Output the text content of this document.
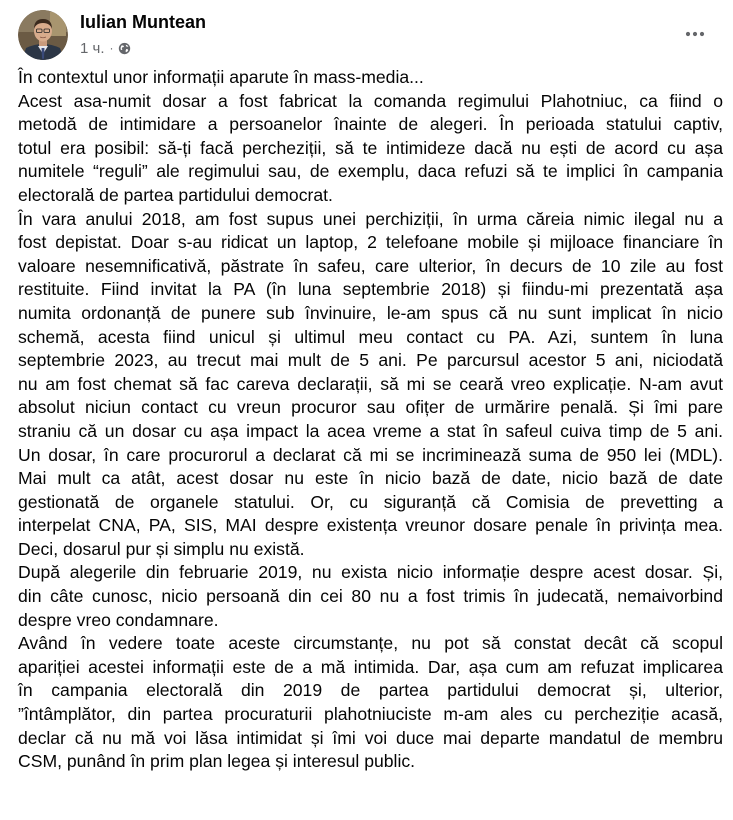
Iulian Muntean
1 ч. ·
În contextul unor informații aparute în mass-media...
Acest asa-numit dosar a fost fabricat la comanda regimului Plahotniuc, ca fiind o
metodă de intimidare a persoanelor înainte de alegeri. În perioada statului captiv,
totul era posibil: să-ți facă percheziții, să te intimideze dacă nu ești de acord cu așa
numitele “reguli” ale regimului sau, de exemplu, daca refuzi să te implici în campania
electorală de partea partidului democrat.
În vara anului 2018, am fost supus unei perchiziții, în urma căreia nimic ilegal nu a
fost depistat. Doar s-au ridicat un laptop, 2 telefoane mobile și mijloace financiare în
valoare nesemnificativă, păstrate în safeu, care ulterior, în decurs de 10 zile au fost
restituite. Fiind invitat la PA (în luna septembrie 2018) și fiindu-mi prezentată așa
numita ordonanță de punere sub învinuire, le-am spus că nu sunt implicat în nicio
schemă, acesta fiind unicul și ultimul meu contact cu PA. Azi, suntem în luna
septembrie 2023, au trecut mai mult de 5 ani. Pe parcursul acestor 5 ani, niciodată
nu am fost chemat să fac careva declarații, să mi se ceară vreo explicație. N-am avut
absolut niciun contact cu vreun procuror sau ofițer de urmărire penală. Și îmi pare
straniu că un dosar cu așa impact la acea vreme a stat în safeul cuiva timp de 5 ani.
Un dosar, în care procurorul a declarat că mi se incriminează suma de 950 lei (MDL).
Mai mult ca atât, acest dosar nu este în nicio bază de date, nicio bază de date
gestionată de organele statului. Or, cu siguranță că Comisia de prevetting a
interpelat CNA, PA, SIS, MAI despre existența vreunor dosare penale în privința mea.
Deci, dosarul pur și simplu nu există.
După alegerile din februarie 2019, nu exista nicio informație despre acest dosar. Și,
din câte cunosc, nicio persoană din cei 80 nu a fost trimis în judecată, nemaivorbind
despre vreo condamnare.
Având în vedere toate aceste circumstanțe, nu pot să constat decât că scopul
apariției acestei informații este de a mă intimida. Dar, așa cum am refuzat implicarea
în campania electorală din 2019 de partea partidului democrat și, ulterior,
”întâmplător, din partea procuraturii plahotniuciste m-am ales cu percheziție acasă,
declar că nu mă voi lăsa intimidat și îmi voi duce mai departe mandatul de membru
CSM, punând în prim plan legea și interesul public.
